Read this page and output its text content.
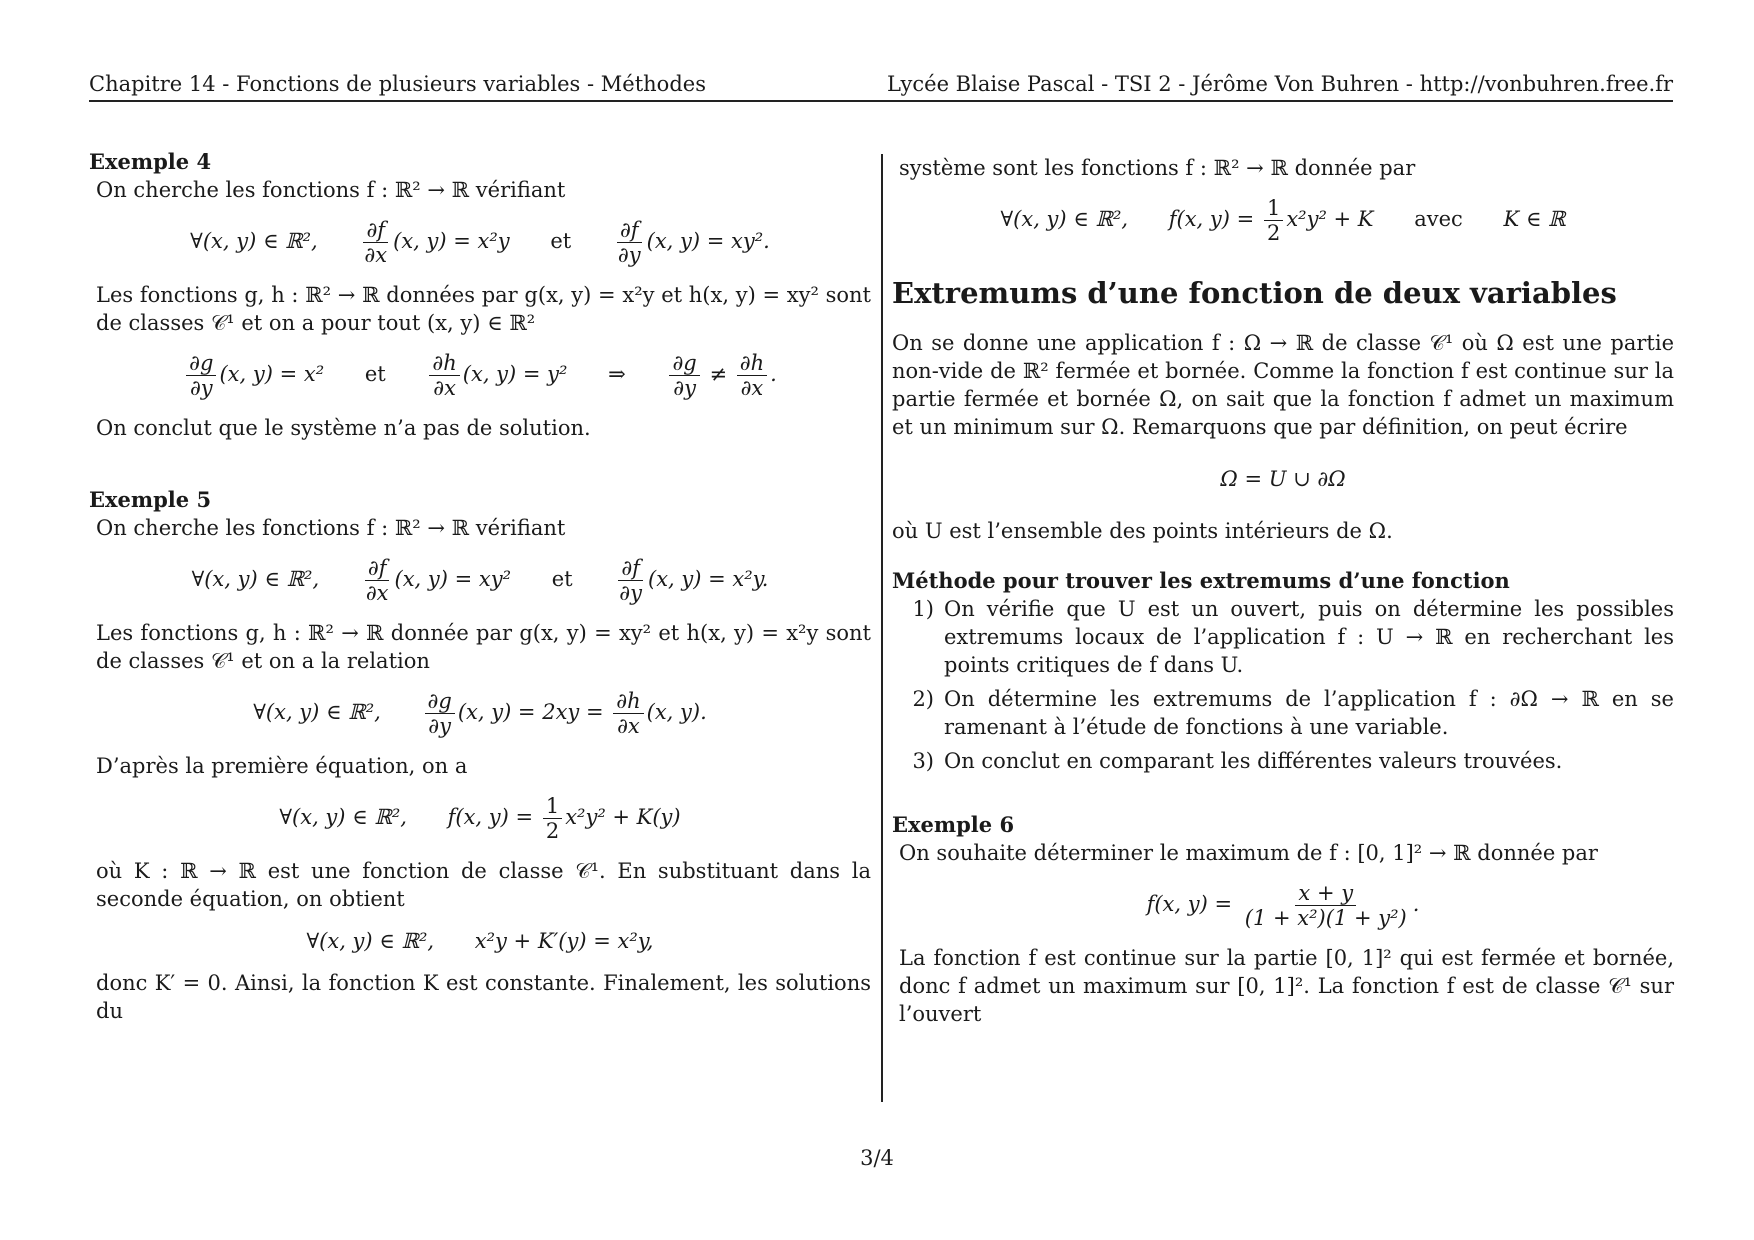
Chapitre 14 - Fonctions de plusieurs variables - Méthodes	Lycée Blaise Pascal - TSI 2 - Jérôme Von Buhren - http://vonbuhren.free.fr
Exemple 4
On cherche les fonctions f : ℝ² → ℝ vérifiant
∀(x, y) ∈ ℝ², $\frac{\partial f}{\partial x} (x$, y) = x²y et $\frac{\partial f}{\partial y} (x$, y) = xy².
Les fonctions g, h : ℝ² → ℝ données par g(x, y) = x²y et h(x, y) = xy² sont de classes 𝒞¹ et on a pour tout (x, y) ∈ ℝ²
$\frac{\partial g}{\partial y} (x$, y) = x² et $\frac{\partial h}{\partial x} (x$, y) = y² ⇒ $\frac{\partial g}{\partial y} \ne \frac{\partial h}{\partial x}$ .
On conclut que le système n’a pas de solution.
Exemple 5
On cherche les fonctions f : ℝ² → ℝ vérifiant
∀(x, y) ∈ ℝ², $\frac{\partial f}{\partial x} (x$, y) = xy² et $\frac{\partial f}{\partial y} (x$, y) = x²y.
Les fonctions g, h : ℝ² → ℝ donnée par g(x, y) = xy² et h(x, y) = x²y sont de classes 𝒞¹ et on a la relation
∀(x, y) ∈ ℝ², $\frac{\partial g}{\partial y} (x$, $y) = 2xy = \frac{\partial h}{\partial x} (x$, y).
D’après la première équation, on a
∀(x, y) ∈ ℝ², f(x, $y) = \frac{1}{2} x^2y^2 + K(y)$
où K : ℝ → ℝ est une fonction de classe 𝒞¹. En substituant dans la seconde équation, on obtient
∀(x, y) ∈ ℝ², x²y + K′(y) = x²y,
donc K′ = 0. Ainsi, la fonction K est constante. Finalement, les solutions du
système sont les fonctions f : ℝ² → ℝ donnée par
∀(x, y) ∈ ℝ², f(x, $y) = \frac{1}{2} x^2y^2 + K$ avec K ∈ ℝ
Extremums d’une fonction de deux variables
On se donne une application f : Ω → ℝ de classe 𝒞¹ où Ω est une partie non-vide de ℝ² fermée et bornée. Comme la fonction f est continue sur la partie fermée et bornée Ω, on sait que la fonction f admet un maximum et un minimum sur Ω. Remarquons que par définition, on peut écrire
Ω = U ∪ ∂Ω
où U est l’ensemble des points intérieurs de Ω.
Méthode pour trouver les extremums d’une fonction
1) On vérifie que U est un ouvert, puis on détermine les possibles extremums locaux de l’application f : U → ℝ en recherchant les points critiques de f dans U.
2) On détermine les extremums de l’application f : ∂Ω → ℝ en se ramenant à l’étude de fonctions à une variable.
3) On conclut en comparant les différentes valeurs trouvées.
Exemple 6
On souhaite déterminer le maximum de f : [0, 1]² → ℝ donnée par
f(x, $y) = \frac{x + y}{\text{(1 + x²)(1 + y²)}}$ .
La fonction f est continue sur la partie [0, 1]² qui est fermée et bornée, donc f admet un maximum sur [0, 1]². La fonction f est de classe 𝒞¹ sur l’ouvert
3/4
